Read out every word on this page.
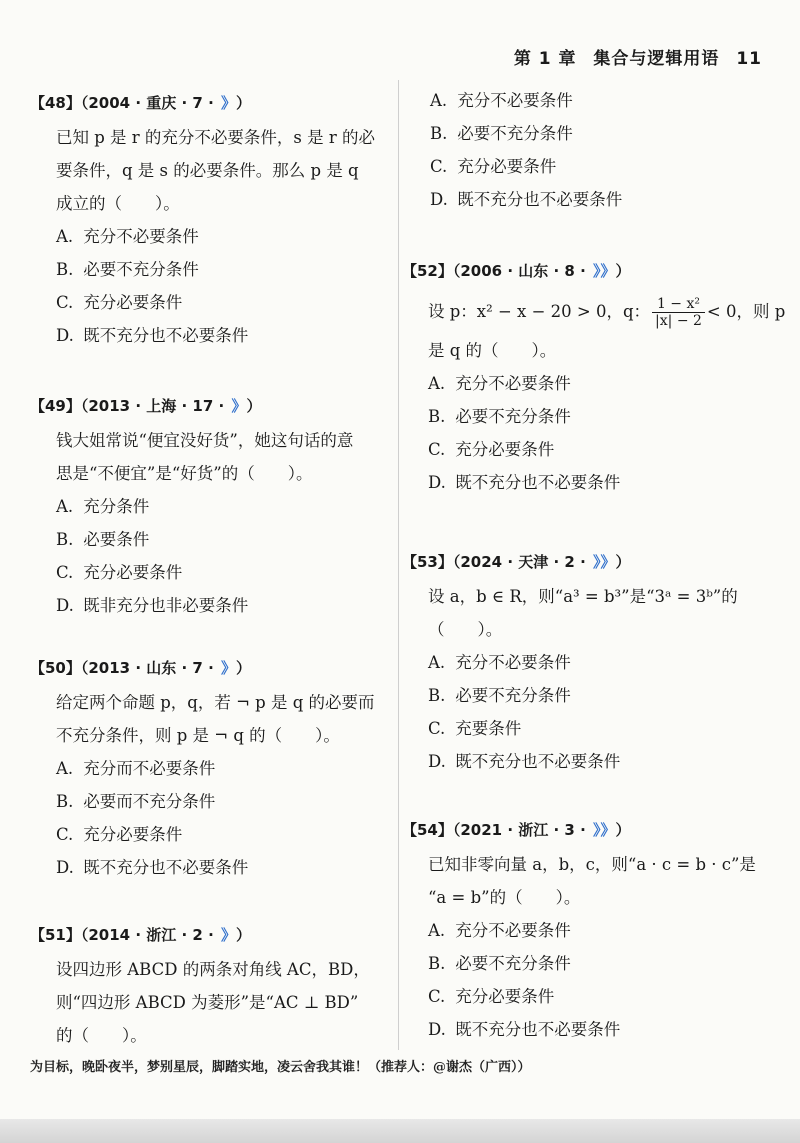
第 1 章 集合与逻辑用语 11
【48】（2004 · 重庆 · 7 · 》）
已知 p 是 r 的充分不必要条件，s 是 r 的必
要条件，q 是 s 的必要条件。那么 p 是 q
成立的（　　）。
A. 充分不必要条件
B. 必要不充分条件
C. 充分必要条件
D. 既不充分也不必要条件
【49】（2013 · 上海 · 17 · 》）
钱大姐常说“便宜没好货”，她这句话的意
思是“不便宜”是“好货”的（　　）。
A. 充分条件
B. 必要条件
C. 充分必要条件
D. 既非充分也非必要条件
【50】（2013 · 山东 · 7 · 》）
给定两个命题 p，q，若 ¬ p 是 q 的必要而
不充分条件，则 p 是 ¬ q 的（　　）。
A. 充分而不必要条件
B. 必要而不充分条件
C. 充分必要条件
D. 既不充分也不必要条件
【51】（2014 · 浙江 · 2 · 》）
设四边形 ABCD 的两条对角线 AC，BD，
则“四边形 ABCD 为菱形”是“AC ⊥ BD”
的（　　）。
A. 充分不必要条件
B. 必要不充分条件
C. 充分必要条件
D. 既不充分也不必要条件
【52】（2006 · 山东 · 8 · 》》）
设 p：x² − x − 20 > 0，q： $\frac{\text{1 − x²}}{|x| - 2} < 0$，则 p
是 q 的（　　）。
A. 充分不必要条件
B. 必要不充分条件
C. 充分必要条件
D. 既不充分也不必要条件
【53】（2024 · 天津 · 2 · 》》）
设 a，b ∈ R，则“a³ = b³”是“3ᵃ = 3ᵇ”的
（　　）。
A. 充分不必要条件
B. 必要不充分条件
C. 充要条件
D. 既不充分也不必要条件
【54】（2021 · 浙江 · 3 · 》》）
已知非零向量 a，b，c，则“a · c = b · c”是
“a = b”的（　　）。
A. 充分不必要条件
B. 必要不充分条件
C. 充分必要条件
D. 既不充分也不必要条件
为目标，晚卧夜半，梦别星辰，脚踏实地，凌云舍我其谁！（推荐人：@谢杰（广西））
